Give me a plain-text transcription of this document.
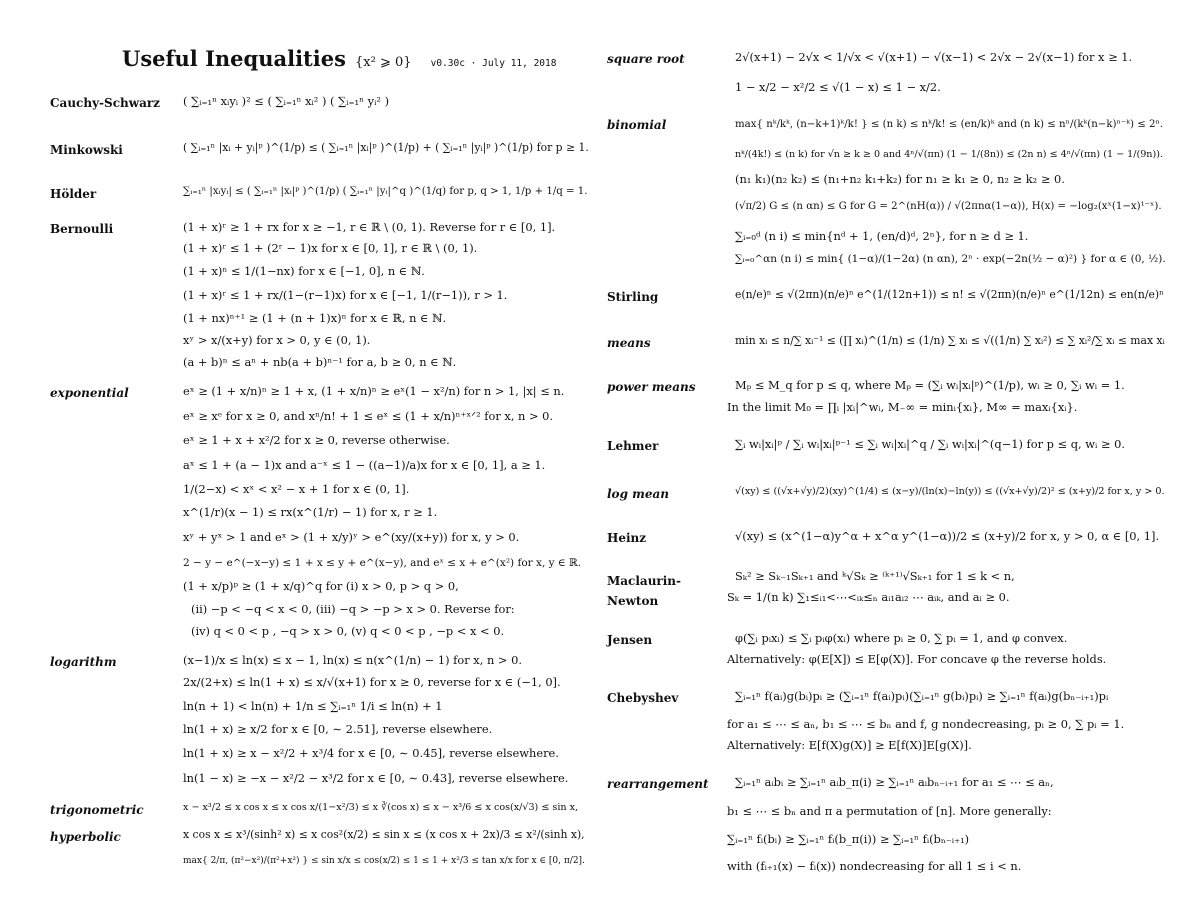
Useful Inequalities {x² ⩾ 0} v0.30c · July 11, 2018
Cauchy-Schwarz ( ∑ᵢ₌₁ⁿ xᵢyᵢ )² ≤ ( ∑ᵢ₌₁ⁿ xᵢ² ) ( ∑ᵢ₌₁ⁿ yᵢ² )
Minkowski	( ∑ᵢ₌₁ⁿ |xᵢ + yᵢ|ᵖ )^(1/p) ≤ ( ∑ᵢ₌₁ⁿ |xᵢ|ᵖ )^(1/p) + ( ∑ᵢ₌₁ⁿ |yᵢ|ᵖ )^(1/p) for p ≥ 1.
Hölder	∑ᵢ₌₁ⁿ |xᵢyᵢ| ≤ ( ∑ᵢ₌₁ⁿ |xᵢ|ᵖ )^(1/p) ( ∑ᵢ₌₁ⁿ |yᵢ|^q )^(1/q) for p, q > 1, 1/p + 1/q = 1.
Bernoulli	(1 + x)ʳ ≥ 1 + rx for x ≥ −1, r ∈ ℝ \ (0, 1). Reverse for r ∈ [0, 1].
(1 + x)ʳ ≤ 1 + (2ʳ − 1)x for x ∈ [0, 1], r ∈ ℝ \ (0, 1).
(1 + x)ⁿ ≤ 1/(1−nx) for x ∈ [−1, 0], n ∈ ℕ.
(1 + x)ʳ ≤ 1 + rx/(1−(r−1)x) for x ∈ [−1, 1/(r−1)), r > 1.
(1 + nx)ⁿ⁺¹ ≥ (1 + (n + 1)x)ⁿ for x ∈ ℝ, n ∈ ℕ.
xʸ > x/(x+y) for x > 0, y ∈ (0, 1).
(a + b)ⁿ ≤ aⁿ + nb(a + b)ⁿ⁻¹ for a, b ≥ 0, n ∈ ℕ.
exponential	eˣ ≥ (1 + x/n)ⁿ ≥ 1 + x, (1 + x/n)ⁿ ≥ eˣ(1 − x²/n) for n > 1, |x| ≤ n.
eˣ ≥ xᵉ for x ≥ 0, and xⁿ/n! + 1 ≤ eˣ ≤ (1 + x/n)ⁿ⁺ˣᐟ² for x, n > 0.
eˣ ≥ 1 + x + x²/2 for x ≥ 0, reverse otherwise.
aˣ ≤ 1 + (a − 1)x and a⁻ˣ ≤ 1 − ((a−1)/a)x for x ∈ [0, 1], a ≥ 1.
1/(2−x) < xˣ < x² − x + 1 for x ∈ (0, 1].
x^(1/r)(x − 1) ≤ rx(x^(1/r) − 1) for x, r ≥ 1.
xʸ + yˣ > 1 and eˣ > (1 + x/y)ʸ > e^(xy/(x+y)) for x, y > 0.
2 − y − e^(−x−y) ≤ 1 + x ≤ y + e^(x−y), and eˣ ≤ x + e^(x²) for x, y ∈ ℝ.
(1 + x/p)ᵖ ≥ (1 + x/q)^q for (i) x > 0, p > q > 0,
(ii) −p < −q < x < 0, (iii) −q > −p > x > 0. Reverse for:
(iv) q < 0 < p , −q > x > 0, (v) q < 0 < p , −p < x < 0.
logarithm	(x−1)/x ≤ ln(x) ≤ x − 1, ln(x) ≤ n(x^(1/n) − 1) for x, n > 0.
2x/(2+x) ≤ ln(1 + x) ≤ x/√(x+1) for x ≥ 0, reverse for x ∈ (−1, 0].
ln(n + 1) < ln(n) + 1/n ≤ ∑ᵢ₌₁ⁿ 1/i ≤ ln(n) + 1
ln(1 + x) ≥ x/2 for x ∈ [0, ∼ 2.51], reverse elsewhere.
ln(1 + x) ≥ x − x²/2 + x³/4 for x ∈ [0, ∼ 0.45], reverse elsewhere.
ln(1 − x) ≥ −x − x²/2 − x³/2 for x ∈ [0, ∼ 0.43], reverse elsewhere.
trigonometric	x − x³/2 ≤ x cos x ≤ x cos x/(1−x²/3) ≤ x ∛(cos x) ≤ x − x³/6 ≤ x cos(x/√3) ≤ sin x,
hyperbolic	x cos x ≤ x³/(sinh² x) ≤ x cos²(x/2) ≤ sin x ≤ (x cos x + 2x)/3 ≤ x²/(sinh x),
max{ 2/π, (π²−x²)/(π²+x²) } ≤ sin x/x ≤ cos(x/2) ≤ 1 ≤ 1 + x²/3 ≤ tan x/x for x ∈ [0, π/2].
square root	2√(x+1) − 2√x < 1/√x < √(x+1) − √(x−1) < 2√x − 2√(x−1) for x ≥ 1.
1 − x/2 − x²/2 ≤ √(1 − x) ≤ 1 − x/2.
binomial	max{ nᵏ/kᵏ, (n−k+1)ᵏ/k! } ≤ (n k) ≤ nᵏ/k! ≤ (en/k)ᵏ and (n k) ≤ nⁿ/(kᵏ(n−k)ⁿ⁻ᵏ) ≤ 2ⁿ.
nᵏ/(4k!) ≤ (n k) for √n ≥ k ≥ 0 and 4ⁿ/√(πn) (1 − 1/(8n)) ≤ (2n n) ≤ 4ⁿ/√(πn) (1 − 1/(9n)).
(n₁ k₁)(n₂ k₂) ≤ (n₁+n₂ k₁+k₂) for n₁ ≥ k₁ ≥ 0, n₂ ≥ k₂ ≥ 0.
(√π/2) G ≤ (n αn) ≤ G for G = 2^(nH(α)) / √(2πnα(1−α)), H(x) = −log₂(xˣ(1−x)¹⁻ˣ).
∑ᵢ₌₀ᵈ (n i) ≤ min{nᵈ + 1, (en/d)ᵈ, 2ⁿ}, for n ≥ d ≥ 1.
∑ᵢ₌₀^αn (n i) ≤ min{ (1−α)/(1−2α) (n αn), 2ⁿ · exp(−2n(½ − α)²) } for α ∈ (0, ½).
Stirling	e(n/e)ⁿ ≤ √(2πn)(n/e)ⁿ e^(1/(12n+1)) ≤ n! ≤ √(2πn)(n/e)ⁿ e^(1/12n) ≤ en(n/e)ⁿ
means	min xᵢ ≤ n/∑ xᵢ⁻¹ ≤ (∏ xᵢ)^(1/n) ≤ (1/n) ∑ xᵢ ≤ √((1/n) ∑ xᵢ²) ≤ ∑ xᵢ²/∑ xᵢ ≤ max xᵢ
power means	Mₚ ≤ M_q for p ≤ q, where Mₚ = (∑ᵢ wᵢ|xᵢ|ᵖ)^(1/p), wᵢ ≥ 0, ∑ᵢ wᵢ = 1.
In the limit M₀ = ∏ᵢ |xᵢ|^wᵢ, M₋∞ = minᵢ{xᵢ}, M∞ = maxᵢ{xᵢ}.
Lehmer	∑ᵢ wᵢ|xᵢ|ᵖ / ∑ᵢ wᵢ|xᵢ|ᵖ⁻¹ ≤ ∑ᵢ wᵢ|xᵢ|^q / ∑ᵢ wᵢ|xᵢ|^(q−1) for p ≤ q, wᵢ ≥ 0.
log mean	√(xy) ≤ ((√x+√y)/2)(xy)^(1/4) ≤ (x−y)/(ln(x)−ln(y)) ≤ ((√x+√y)/2)² ≤ (x+y)/2 for x, y > 0.
Heinz	√(xy) ≤ (x^(1−α)y^α + x^α y^(1−α))/2 ≤ (x+y)/2 for x, y > 0, α ∈ [0, 1].
Maclaurin-
Newton
Sₖ² ≥ Sₖ₋₁Sₖ₊₁ and ᵏ√Sₖ ≥ ⁽ᵏ⁺¹⁾√Sₖ₊₁ for 1 ≤ k < n,
Sₖ = 1/(n k) ∑₁≤ᵢ₁<⋯<ᵢₖ≤ₙ aᵢ₁aᵢ₂ ⋯ aᵢₖ, and aᵢ ≥ 0.
Jensen	φ(∑ᵢ pᵢxᵢ) ≤ ∑ᵢ pᵢφ(xᵢ) where pᵢ ≥ 0, ∑ pᵢ = 1, and φ convex.
Alternatively: φ(E[X]) ≤ E[φ(X)]. For concave φ the reverse holds.
Chebyshev	∑ᵢ₌₁ⁿ f(aᵢ)g(bᵢ)pᵢ ≥ (∑ᵢ₌₁ⁿ f(aᵢ)pᵢ)(∑ᵢ₌₁ⁿ g(bᵢ)pᵢ) ≥ ∑ᵢ₌₁ⁿ f(aᵢ)g(bₙ₋ᵢ₊₁)pᵢ
for a₁ ≤ ⋯ ≤ aₙ, b₁ ≤ ⋯ ≤ bₙ and f, g nondecreasing, pᵢ ≥ 0, ∑ pᵢ = 1.
Alternatively: E[f(X)g(X)] ≥ E[f(X)]E[g(X)].
rearrangement ∑ᵢ₌₁ⁿ aᵢbᵢ ≥ ∑ᵢ₌₁ⁿ aᵢb_π(i) ≥ ∑ᵢ₌₁ⁿ aᵢbₙ₋ᵢ₊₁ for a₁ ≤ ⋯ ≤ aₙ,
b₁ ≤ ⋯ ≤ bₙ and π a permutation of [n]. More generally:
∑ᵢ₌₁ⁿ fᵢ(bᵢ) ≥ ∑ᵢ₌₁ⁿ fᵢ(b_π(i)) ≥ ∑ᵢ₌₁ⁿ fᵢ(bₙ₋ᵢ₊₁)
with (fᵢ₊₁(x) − fᵢ(x)) nondecreasing for all 1 ≤ i < n.
